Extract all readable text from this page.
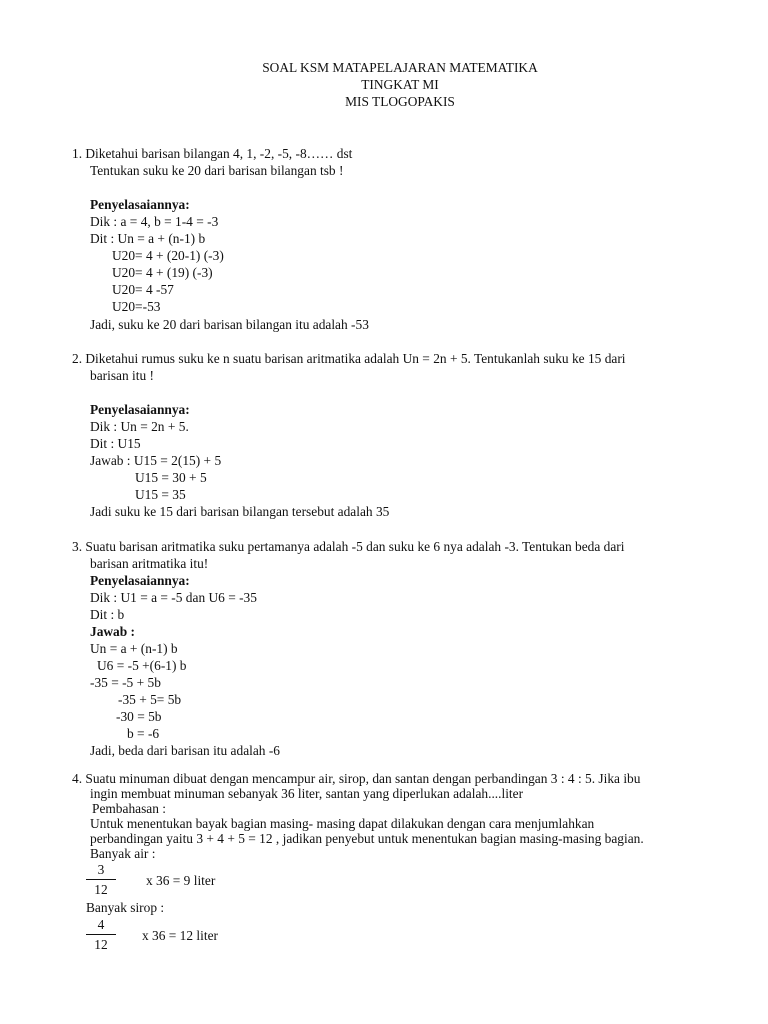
SOAL KSM MATAPELAJARAN MATEMATIKA
TINGKAT MI
MIS TLOGOPAKIS
1. Diketahui barisan bilangan 4, 1, -2, -5, -8…… dst
Tentukan suku ke 20 dari barisan bilangan tsb !
Penyelasaiannya:
Dik : a = 4, b = 1-4 = -3
Dit : Un = a + (n-1) b
U20= 4 + (20-1) (-3)
U20= 4 + (19) (-3)
U20= 4 -57
U20=-53
Jadi, suku ke 20 dari barisan bilangan itu adalah -53
2. Diketahui rumus suku ke n suatu barisan aritmatika adalah Un = 2n + 5. Tentukanlah suku ke 15 dari
barisan itu !
Penyelasaiannya:
Dik : Un = 2n + 5.
Dit : U15
Jawab : U15 = 2(15) + 5
U15 = 30 + 5
U15 = 35
Jadi suku ke 15 dari barisan bilangan tersebut adalah 35
3. Suatu barisan aritmatika suku pertamanya adalah -5 dan suku ke 6 nya adalah -3. Tentukan beda dari
barisan aritmatika itu!
Penyelasaiannya:
Dik : U1 = a = -5 dan U6 = -35
Dit : b
Jawab :
Un = a + (n-1) b
U6 = -5 +(6-1) b
-35 = -5 + 5b
-35 + 5= 5b
-30 = 5b
b = -6
Jadi, beda dari barisan itu adalah -6
4. Suatu minuman dibuat dengan mencampur air, sirop, dan santan dengan perbandingan 3 : 4 : 5. Jika ibu
ingin membuat minuman sebanyak 36 liter, santan yang diperlukan adalah....liter
Pembahasan :
Untuk menentukan bayak bagian masing- masing dapat dilakukan dengan cara menjumlahkan
perbandingan yaitu 3 + 4 + 5 = 12 , jadikan penyebut untuk menentukan bagian masing-masing bagian.
Banyak air :
3
12
x 36 = 9 liter
Banyak sirop :
4
12
x 36 = 12 liter
